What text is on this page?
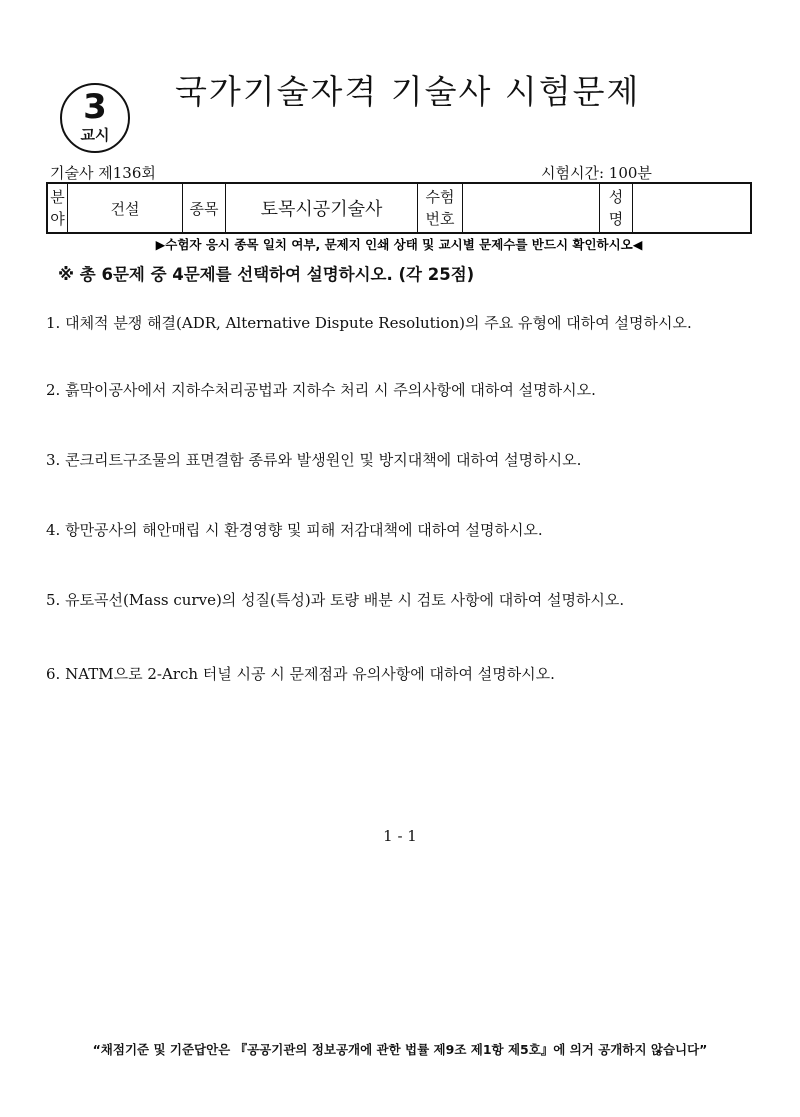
3
교시
국가기술자격 기술사 시험문제
기술사 제136회	시험시간: 100분
분
야
건설	종목 토목시공기술사
수험
번호
성
명
▶수험자 응시 종목 일치 여부, 문제지 인쇄 상태 및 교시별 문제수를 반드시 확인하시오◀
※ 총 6문제 중 4문제를 선택하여 설명하시오. (각 25점)
1. 대체적 분쟁 해결(ADR, Alternative Dispute Resolution)의 주요 유형에 대하여 설명하시오.
2. 흙막이공사에서 지하수처리공법과 지하수 처리 시 주의사항에 대하여 설명하시오.
3. 콘크리트구조물의 표면결함 종류와 발생원인 및 방지대책에 대하여 설명하시오.
4. 항만공사의 해안매립 시 환경영향 및 피해 저감대책에 대하여 설명하시오.
5. 유토곡선(Mass curve)의 성질(특성)과 토량 배분 시 검토 사항에 대하여 설명하시오.
6. NATM으로 2-Arch 터널 시공 시 문제점과 유의사항에 대하여 설명하시오.
1 - 1
“채점기준 및 기준답안은 『공공기관의 정보공개에 관한 법률 제9조 제1항 제5호』에 의거 공개하지 않습니다”
